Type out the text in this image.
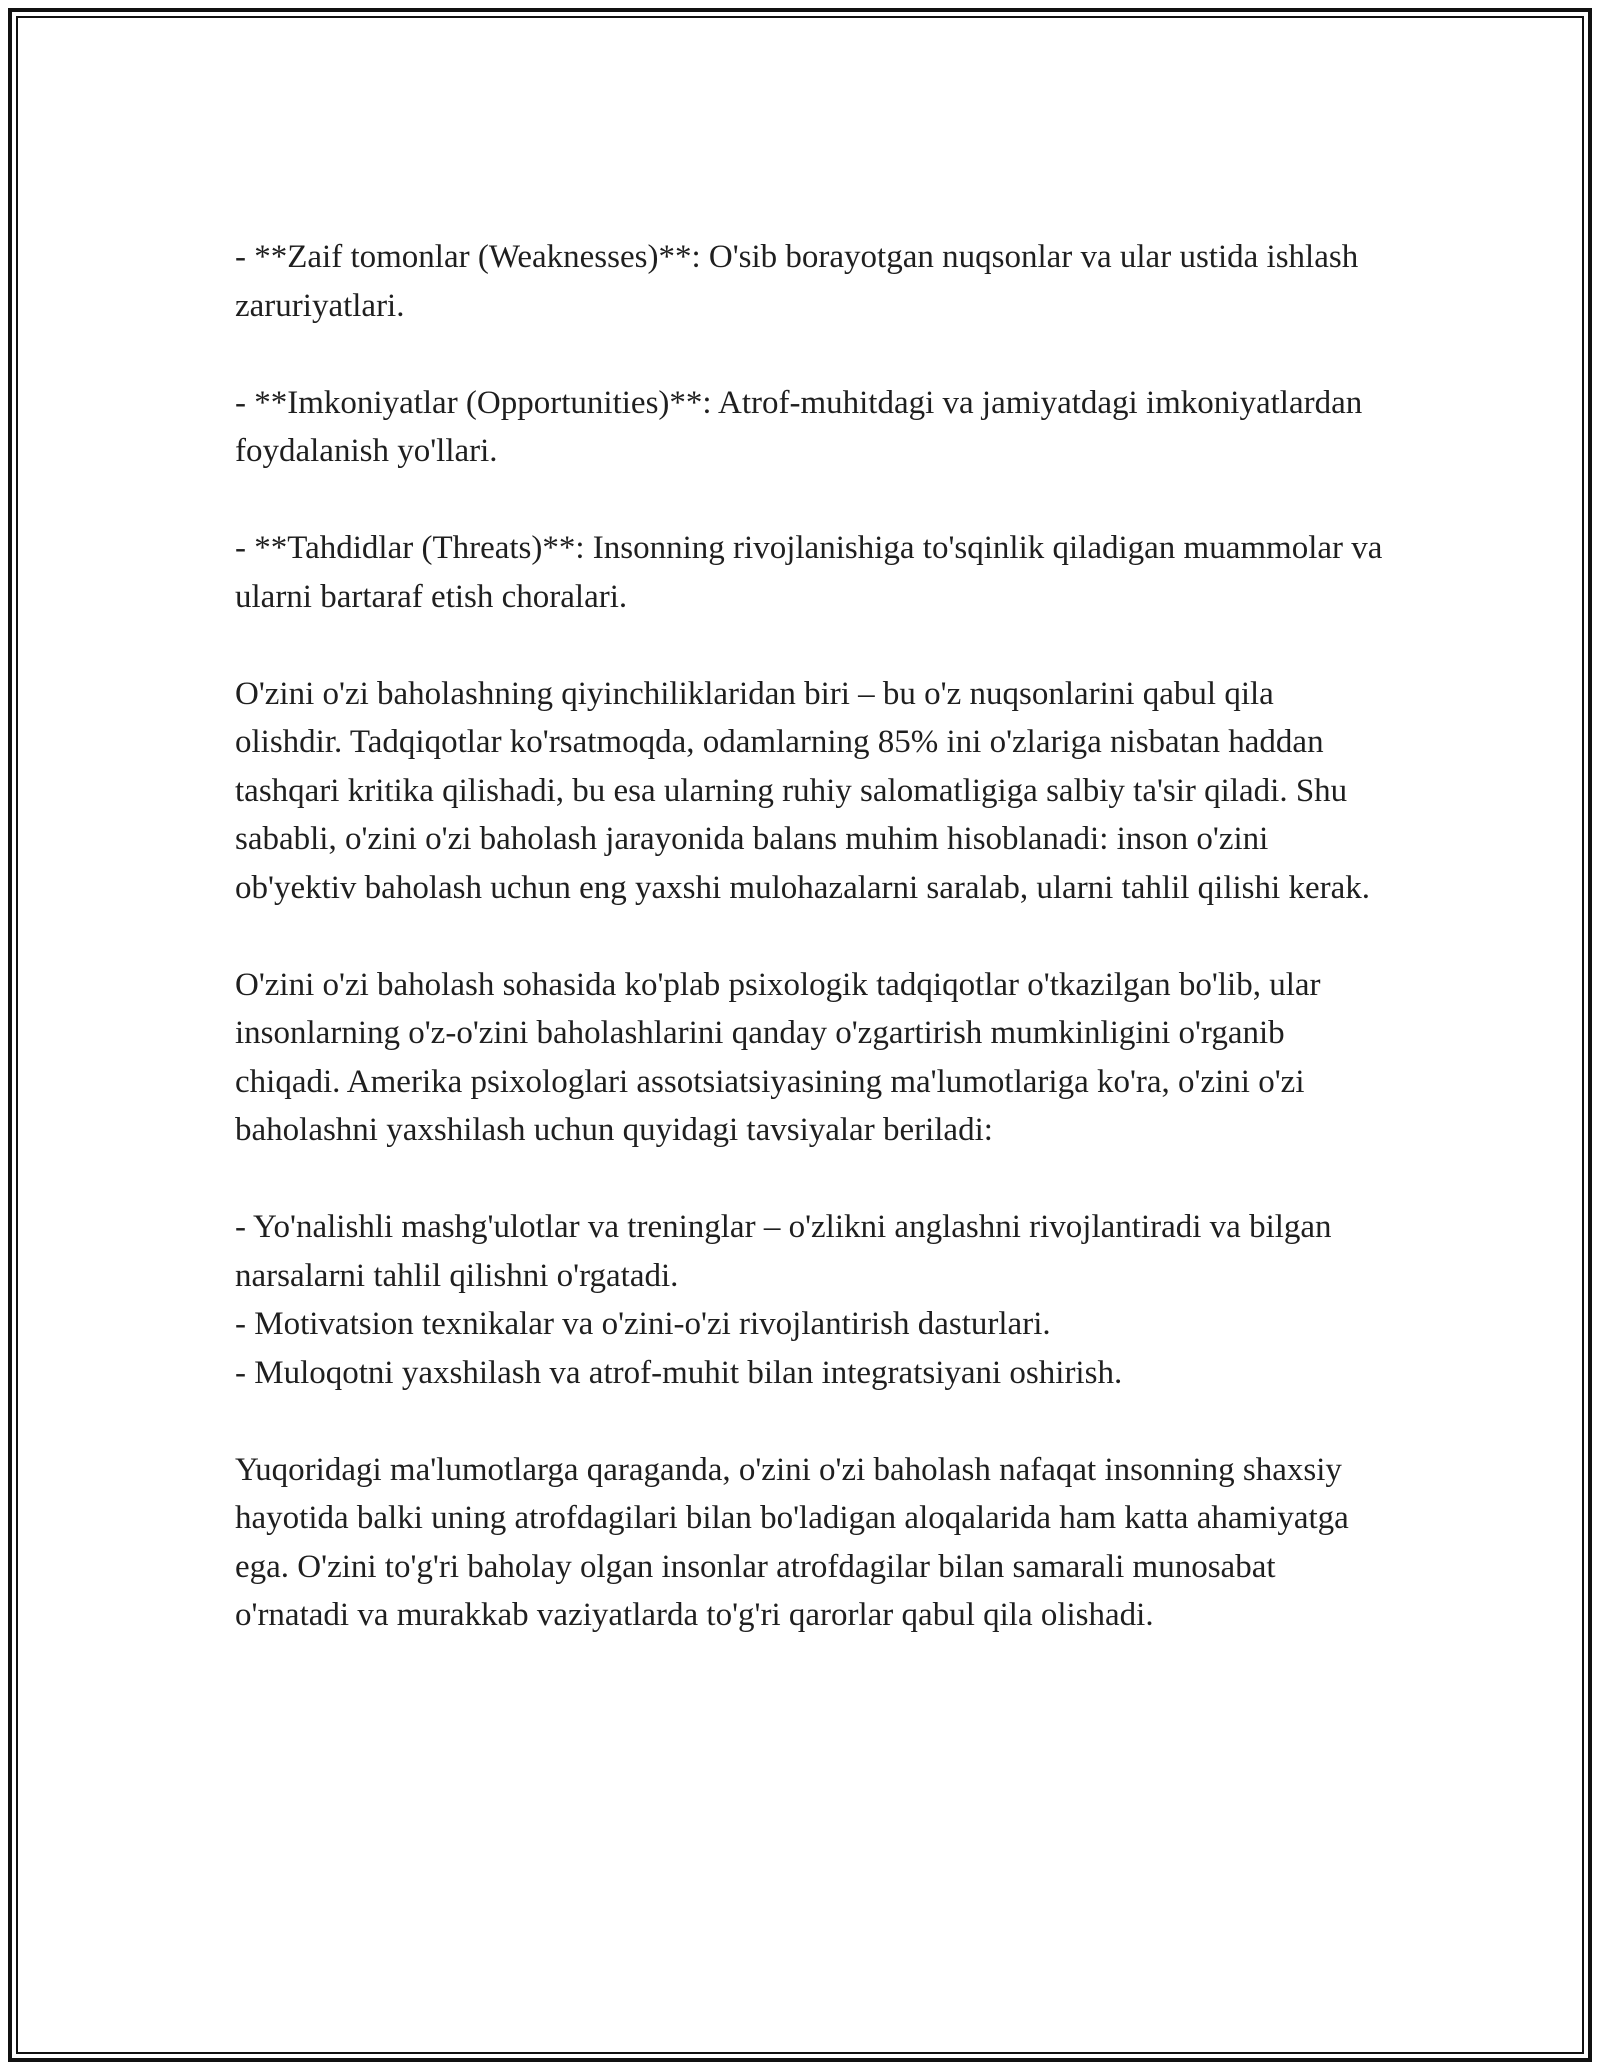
- **Zaif tomonlar (Weaknesses)**: O'sib borayotgan nuqsonlar va ular ustida ishlash zaruriyatlari.

- **Imkoniyatlar (Opportunities)**: Atrof-muhitdagi va jamiyatdagi imkoniyatlardan foydalanish yo'llari.

- **Tahdidlar (Threats)**: Insonning rivojlanishiga to'sqinlik qiladigan muammolar va ularni bartaraf etish choralari.

O'zini o'zi baholashning qiyinchiliklaridan biri – bu o'z nuqsonlarini qabul qila olishdir. Tadqiqotlar ko'rsatmoqda, odamlarning 85% ini o'zlariga nisbatan haddan tashqari kritika qilishadi, bu esa ularning ruhiy salomatligiga salbiy ta'sir qiladi. Shu sababli, o'zini o'zi baholash jarayonida balans muhim hisoblanadi: inson o'zini ob'yektiv baholash uchun eng yaxshi mulohazalarni saralab, ularni tahlil qilishi kerak.

O'zini o'zi baholash sohasida ko'plab psixologik tadqiqotlar o'tkazilgan bo'lib, ular insonlarning o'z-o'zini baholashlarini qanday o'zgartirish mumkinligini o'rganib chiqadi. Amerika psixologlari assotsiatsiyasining ma'lumotlariga ko'ra, o'zini o'zi baholashni yaxshilash uchun quyidagi tavsiyalar beriladi:

- Yo'nalishli mashg'ulotlar va treninglar – o'zlikni anglashni rivojlantiradi va bilgan narsalarni tahlil qilishni o'rgatadi.

- Motivatsion texnikalar va o'zini-o'zi rivojlantirish dasturlari.

- Muloqotni yaxshilash va atrof-muhit bilan integratsiyani oshirish.

Yuqoridagi ma'lumotlarga qaraganda, o'zini o'zi baholash nafaqat insonning shaxsiy hayotida balki uning atrofdagilari bilan bo'ladigan aloqalarida ham katta ahamiyatga ega. O'zini to'g'ri baholay olgan insonlar atrofdagilar bilan samarali munosabat o'rnatadi va murakkab vaziyatlarda to'g'ri qarorlar qabul qila olishadi.
